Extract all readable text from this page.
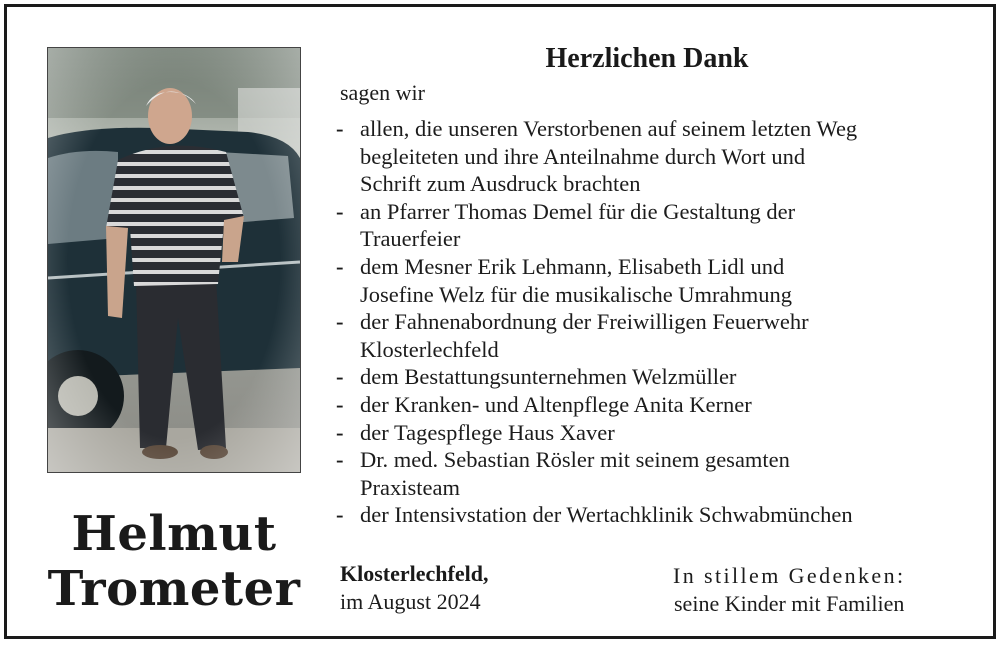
Helmut
Trometer
Herzlichen Dank
sagen wir
- allen, die unseren Verstorbenen auf seinem letzten Weg
begleiteten und ihre Anteilnahme durch Wort und
Schrift zum Ausdruck brachten
- an Pfarrer Thomas Demel für die Gestaltung der
Trauerfeier
- dem Mesner Erik Lehmann, Elisabeth Lidl und
Josefine Welz für die musikalische Umrahmung
- der Fahnenabordnung der Freiwilligen Feuerwehr
Klosterlechfeld
- dem Bestattungsunternehmen Welzmüller
- der Kranken- und Altenpflege Anita Kerner
- der Tagespflege Haus Xaver
- Dr. med. Sebastian Rösler mit seinem gesamten
Praxisteam
- der Intensivstation der Wertachklinik Schwabmünchen
Klosterlechfeld,
im August 2024
In stillem Gedenken:
seine Kinder mit Familien
